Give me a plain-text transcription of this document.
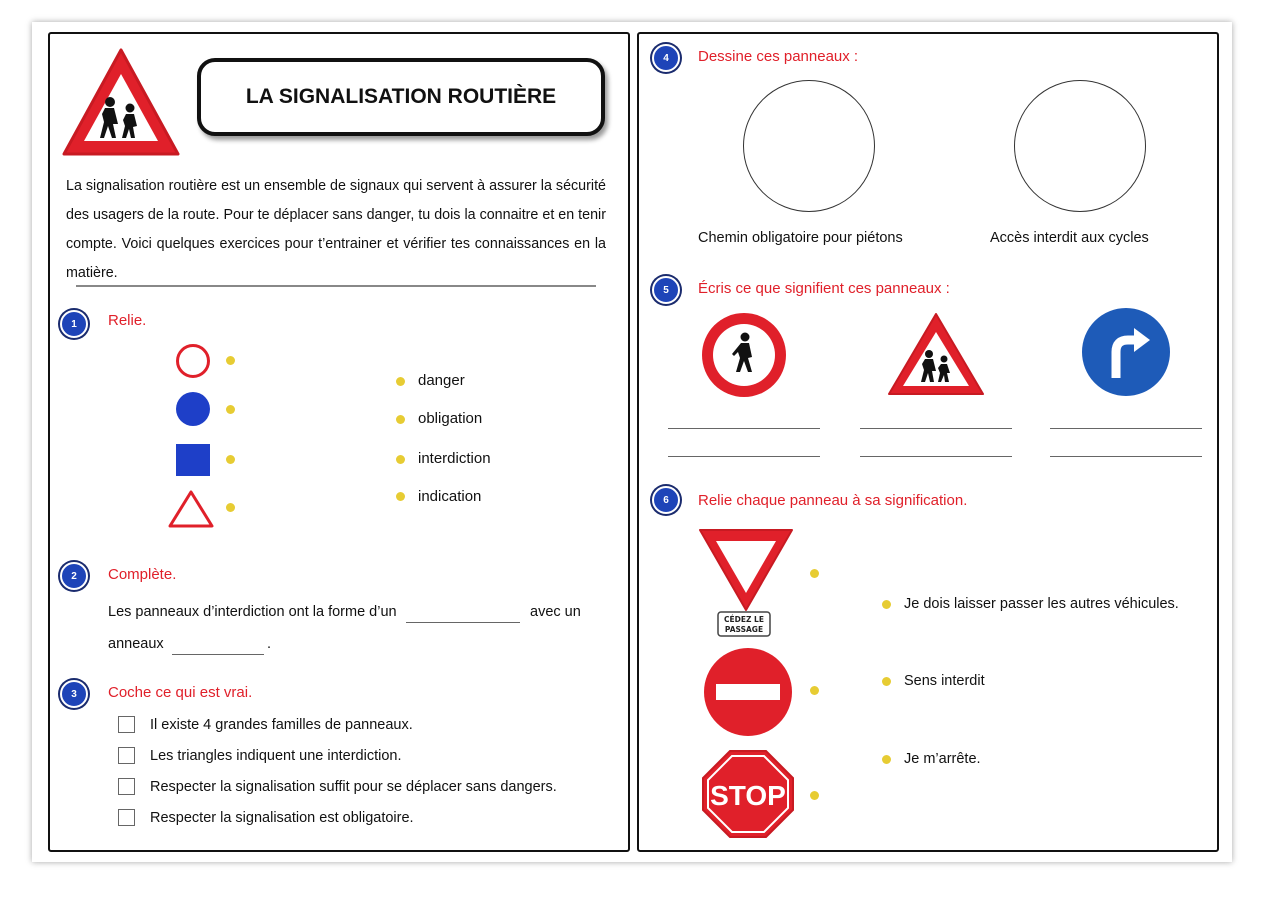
LA SIGNALISATION ROUTIÈRE
La signalisation routière est un ensemble de signaux qui servent à assurer la sécurité des usagers de la route. Pour te déplacer sans danger, tu dois la connaitre et en tenir compte. Voici quelques exercices pour t’entrainer et vérifier tes connaissances en la matière.
1	Relie.
danger
obligation
interdiction
indication
2	Complète.
Les panneaux d’interdiction ont la forme d’un	avec un
anneaux	.
3	Coche ce qui est vrai.
Il existe 4 grandes familles de panneaux.
Les triangles indiquent une interdiction.
Respecter la signalisation suffit pour se déplacer sans dangers.
Respecter la signalisation est obligatoire.
4	Dessine ces panneaux :
Chemin obligatoire pour piétons	Accès interdit aux cycles
5	Écris ce que signifient ces panneaux :
6	Relie chaque panneau à sa signification.
CÉDEZ LE
PASSAGE
STOP
Je dois laisser passer les autres véhicules.
Sens interdit
Je m’arrête.
